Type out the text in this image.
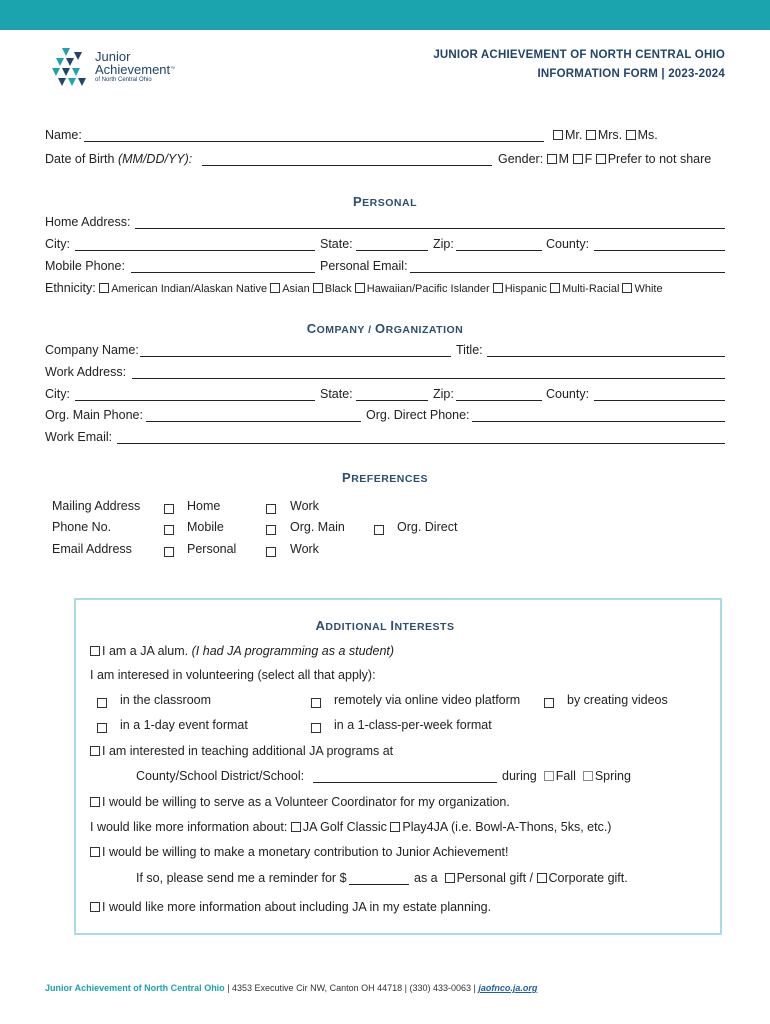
Junior
Achievement™
of North Central Ohio
JUNIOR ACHIEVEMENT OF NORTH CENTRAL OHIO
INFORMATION FORM | 2023-2024
Name:	Mr. Mrs. Ms.
Date of Birth (MM/DD/YY):	Gender: M F Prefer to not share
PERSONAL
Home Address:
City:	State:	Zip:	County:
Mobile Phone:	Personal Email:
Ethnicity: American Indian/Alaskan Native Asian Black Hawaiian/Pacific Islander Hispanic Multi-Racial White
COMPANY / ORGANIZATION
Company Name:	Title:
Work Address:
City:	State:	Zip:	County:
Org. Main Phone:	Org. Direct Phone:
Work Email:
PREFERENCES
Mailing Address	Home	Work
Phone No.	Mobile	Org. Main	Org. Direct
Email Address	Personal	Work
ADDITIONAL INTERESTS
I am a JA alum. (I had JA programming as a student)
I am interesed in volunteering (select all that apply):
in the classroom	remotely via online video platform	by creating videos
in a 1-day event format	in a 1-class-per-week format
I am interested in teaching additional JA programs at
County/School District/School:	during Fall Spring
I would be willing to serve as a Volunteer Coordinator for my organization.
I would like more information about: JA Golf Classic Play4JA (i.e. Bowl-A-Thons, 5ks, etc.)
I would be willing to make a monetary contribution to Junior Achievement!
If so, please send me a reminder for $	as a Personal gift / Corporate gift.
I would like more information about including JA in my estate planning.
Junior Achievement of North Central Ohio | 4353 Executive Cir NW, Canton OH 44718 | (330) 433-0063 | jaofnco.ja.org
